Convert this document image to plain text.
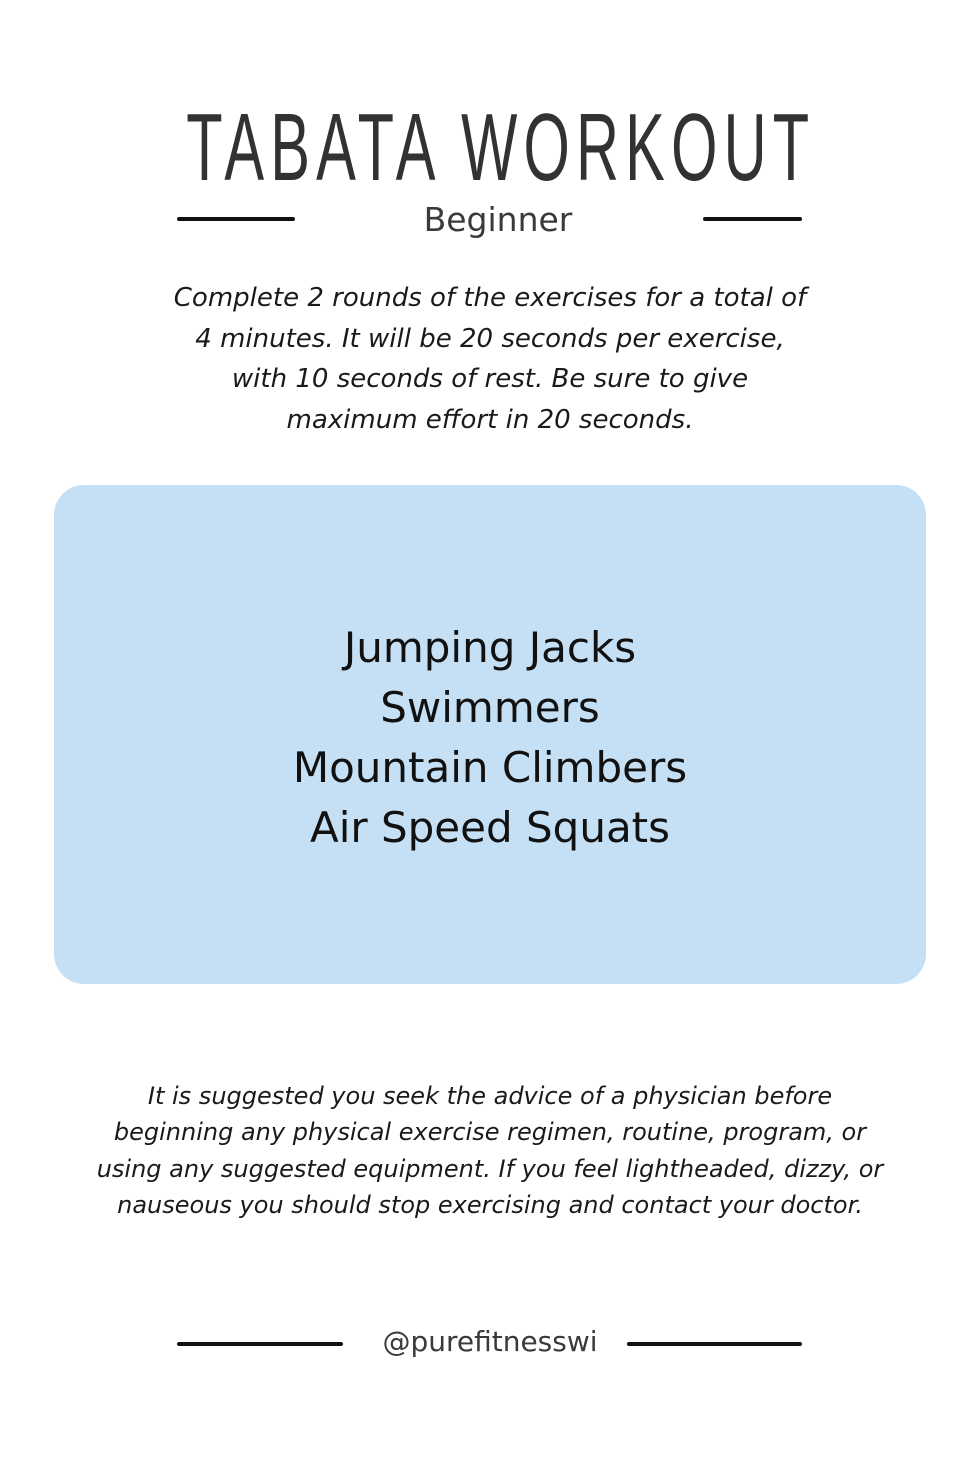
TABATA WORKOUT
Beginner

Complete 2 rounds of the exercises for a total of 4 minutes. It will be 20 seconds per exercise, with 10 seconds of rest. Be sure to give maximum effort in 20 seconds.

Jumping Jacks
Swimmers
Mountain Climbers
Air Speed Squats

It is suggested you seek the advice of a physician before beginning any physical exercise regimen, routine, program, or using any suggested equipment. If you feel lightheaded, dizzy, or nauseous you should stop exercising and contact your doctor.

@purefitnesswi
